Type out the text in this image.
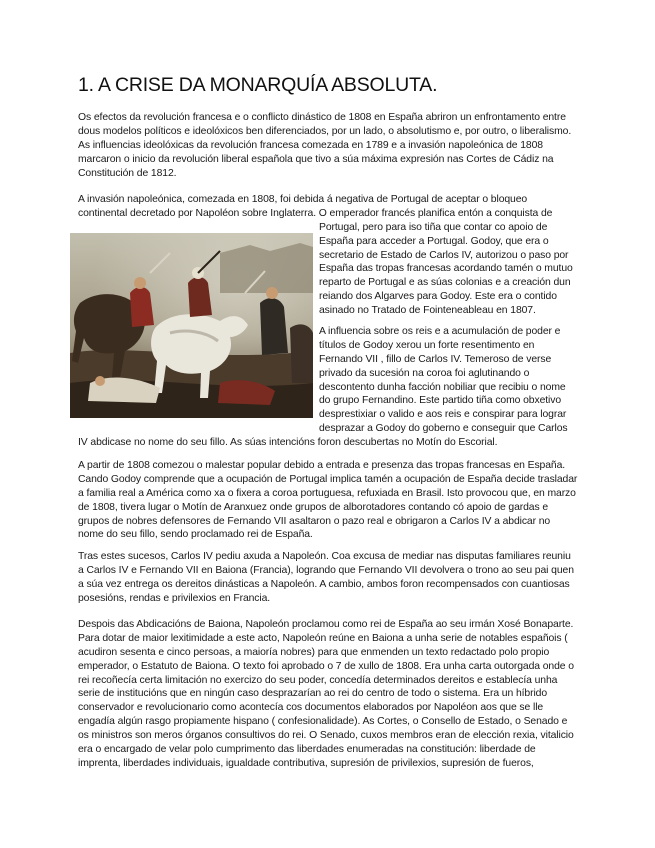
1. A CRISE DA MONARQUÍA ABSOLUTA.
Os efectos da revolución francesa e o conflicto dinástico de 1808 en España abriron un enfrontamento entre
dous modelos políticos e ideolóxicos ben diferenciados, por un lado, o absolutismo e, por outro, o liberalismo.
As influencias ideolóxicas da revolución francesa comezada en 1789 e a invasión napoleónica de 1808
marcaron o inicio da revolución liberal española que tivo a súa máxima expresión nas Cortes de Cádiz na
Constitución de 1812.
A invasión napoleónica, comezada en 1808, foi debida á negativa de Portugal de aceptar o bloqueo
continental decretado por Napoléon sobre Inglaterra. O emperador francés planifica entón a conquista de
Portugal, pero para iso tiña que contar co apoio de
España para acceder a Portugal. Godoy, que era o
secretario de Estado de Carlos IV, autorizou o paso por
España das tropas francesas acordando tamén o mutuo
reparto de Portugal e as súas colonias e a creación dun
reiando dos Algarves para Godoy. Este era o contido
asinado no Tratado de Fointeneableau en 1807.
A influencia sobre os reis e a acumulación de poder e
títulos de Godoy xerou un forte resentimento en
Fernando VII , fillo de Carlos IV. Temeroso de verse
privado da sucesión na coroa foi aglutinando o
descontento dunha facción nobiliar que recibiu o nome
do grupo Fernandino. Este partido tiña como obxetivo
desprestixiar o valido e aos reis e conspirar para lograr
desprazar a Godoy do goberno e conseguir que Carlos
IV abdicase no nome do seu fillo. As súas intencións foron descubertas no Motín do Escorial.
A partir de 1808 comezou o malestar popular debido a entrada e presenza das tropas francesas en España.
Cando Godoy comprende que a ocupación de Portugal implica tamén a ocupación de España decide trasladar
a familia real a América como xa o fixera a coroa portuguesa, refuxiada en Brasil. Isto provocou que, en marzo
de 1808, tivera lugar o Motín de Aranxuez onde grupos de alborotadores contando có apoio de gardas e
grupos de nobres defensores de Fernando VII asaltaron o pazo real e obrigaron a Carlos IV a abdicar no
nome do seu fillo, sendo proclamado rei de España.
Tras estes sucesos, Carlos IV pediu axuda a Napoleón. Coa excusa de mediar nas disputas familiares reuniu
a Carlos IV e Fernando VII en Baiona (Francia), logrando que Fernando VII devolvera o trono ao seu pai quen
a súa vez entrega os dereitos dinásticas a Napoleón. A cambio, ambos foron recompensados con cuantiosas
posesións, rendas e privilexios en Francia.
Despois das Abdicacións de Baiona, Napoleón proclamou como rei de España ao seu irmán Xosé Bonaparte.
Para dotar de maior lexitimidade a este acto, Napoleón reúne en Baiona a unha serie de notables españois (
acudiron sesenta e cinco persoas, a maioría nobres) para que enmenden un texto redactado polo propio
emperador, o Estatuto de Baiona. O texto foi aprobado o 7 de xullo de 1808. Era unha carta outorgada onde o
rei recoñecía certa limitación no exercizo do seu poder, concedía determinados dereitos e establecía unha
serie de institucións que en ningún caso desprazarían ao rei do centro de todo o sistema. Era un híbrido
conservador e revolucionario como acontecía cos documentos elaborados por Napoléon aos que se lle
engadía algún rasgo propiamente hispano ( confesionalidade). As Cortes, o Consello de Estado, o Senado e
os ministros son meros órganos consultivos do rei. O Senado, cuxos membros eran de elección rexia, vitalicio
era o encargado de velar polo cumprimento das liberdades enumeradas na constitución: liberdade de
imprenta, liberdades individuais, igualdade contributiva, supresión de privilexios, supresión de fueros,
